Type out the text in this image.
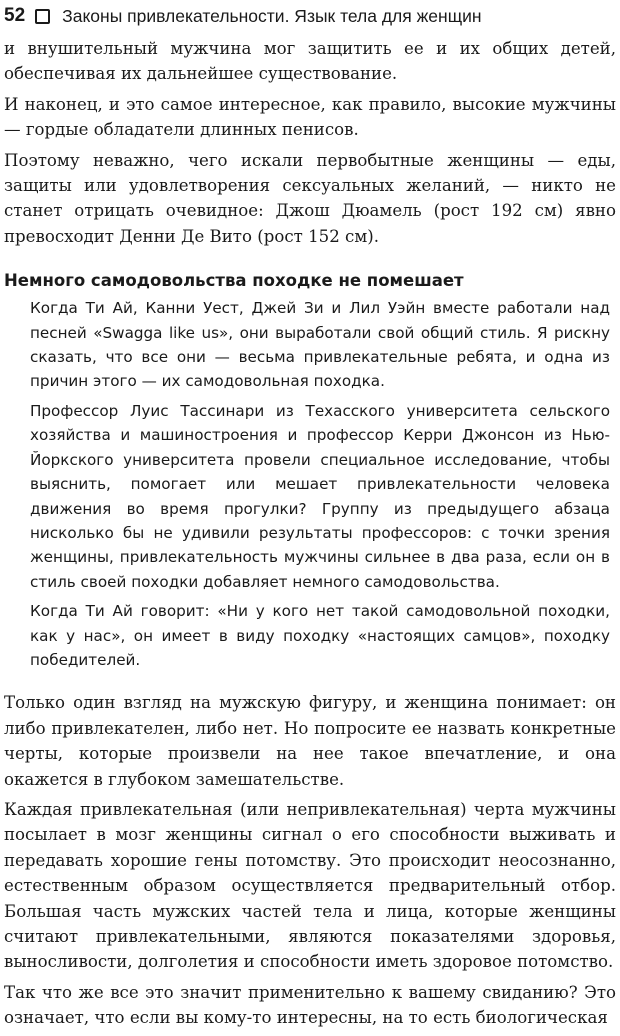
52 Законы привлекательности. Язык тела для женщин

и внушительный мужчина мог защитить ее и их общих детей, обеспечивая их дальнейшее существование.

И наконец, и это самое интересное, как правило, высокие мужчины — гордые обладатели длинных пенисов.

Поэтому неважно, чего искали первобытные женщины — еды, защиты или удовлетворения сексуальных желаний, — никто не станет отрицать очевидное: Джош Дюамель (рост 192 см) явно превосходит Денни Де Вито (рост 152 см).

Немного самодовольства походке не помешает

Когда Ти Ай, Канни Уест, Джей Зи и Лил Уэйн вместе работали над песней «Swagga like us», они выработали свой общий стиль. Я рискну сказать, что все они — весьма привлекательные ребята, и одна из причин этого — их самодовольная походка.

Профессор Луис Тассинари из Техасского университета сельского хозяйства и машиностроения и профессор Керри Джонсон из Нью-Йоркского университета провели специальное исследование, чтобы выяснить, помогает или мешает привлекательности человека движения во время прогулки? Группу из предыдущего абзаца нисколько бы не удивили результаты профессоров: с точки зрения женщины, привлекательность мужчины сильнее в два раза, если он в стиль своей походки добавляет немного самодовольства.

Когда Ти Ай говорит: «Ни у кого нет такой самодовольной походки, как у нас», он имеет в виду походку «настоящих самцов», походку победителей.

Только один взгляд на мужскую фигуру, и женщина понимает: он либо привлекателен, либо нет. Но попросите ее назвать конкретные черты, которые произвели на нее такое впечатление, и она окажется в глубоком замешательстве.

Каждая привлекательная (или непривлекательная) черта мужчины посылает в мозг женщины сигнал о его способности выживать и передавать хорошие гены потомству. Это происходит неосознанно, естественным образом осуществляется предварительный отбор. Большая часть мужских частей тела и лица, которые женщины считают привлекательными, являются показателями здоровья, выносливости, долголетия и способности иметь здоровое потомство.

Так что же все это значит применительно к вашему свиданию? Это означает, что если вы кому-то интересны, на то есть биологическая
